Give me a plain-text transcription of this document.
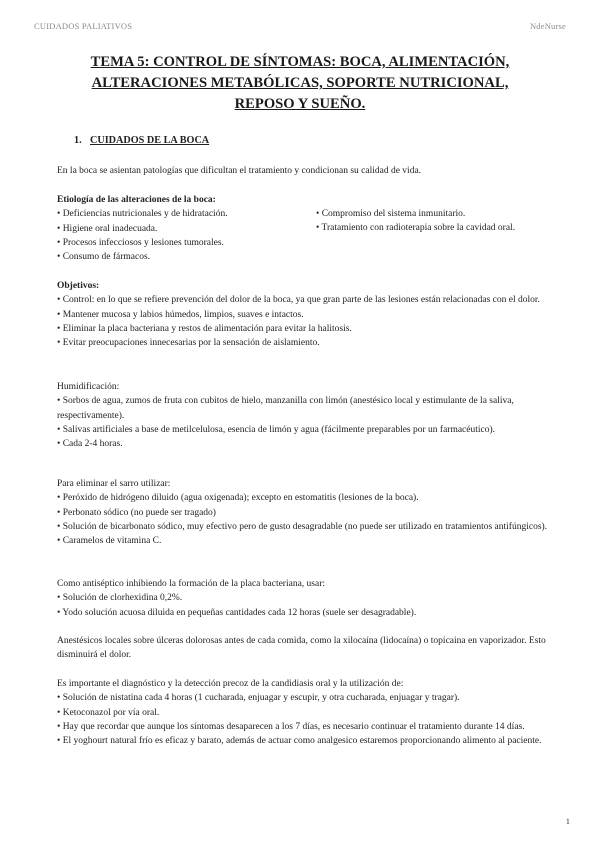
CUIDADOS PALIATIVOS	NdeNurse
TEMA 5: CONTROL DE SÍNTOMAS: BOCA, ALIMENTACIÓN, ALTERACIONES METABÓLICAS, SOPORTE NUTRICIONAL, REPOSO Y SUEÑO.
1. CUIDADOS DE LA BOCA
En la boca se asientan patologías que dificultan el tratamiento y condicionan su calidad de vida.
Etiología de las alteraciones de la boca:
• Deficiencias nutricionales y de hidratación.
• Higiene oral inadecuada.
• Procesos infecciosos y lesiones tumorales.
• Consumo de fármacos.
• Compromiso del sistema inmunitario.
• Tratamiento con radioterapia sobre la cavidad oral.
Objetivos:
• Control: en lo que se refiere prevención del dolor de la boca, ya que gran parte de las lesiones están relacionadas con el dolor.
• Mantener mucosa y labios húmedos, limpios, suaves e intactos.
• Eliminar la placa bacteriana y restos de alimentación para evitar la halitosis.
• Evitar preocupaciones innecesarias por la sensación de aislamiento.
Humidificación:
• Sorbos de agua, zumos de fruta con cubitos de hielo, manzanilla con limón (anestésico local y estimulante de la saliva, respectivamente).
• Salivas artificiales a base de metilcelulosa, esencia de limón y agua (fácilmente preparables por un farmacéutico).
• Cada 2-4 horas.
Para eliminar el sarro utilizar:
• Peróxido de hidrógeno diluido (agua oxigenada); excepto en estomatitis (lesiones de la boca).
• Perbonato sódico (no puede ser tragado)
• Solución de bicarbonato sódico, muy efectivo pero de gusto desagradable (no puede ser utilizado en tratamientos antifúngicos).
• Caramelos de vitamina C.
Como antiséptico inhibiendo la formación de la placa bacteriana, usar:
• Solución de clorhexidina 0,2%.
• Yodo solución acuosa diluida en pequeñas cantidades cada 12 horas (suele ser desagradable).
Anestésicos locales sobre úlceras dolorosas antes de cada comida, como la xilocaína (lidocaína) o topicaina en vaporizador. Esto disminuirá el dolor.
Es importante el diagnóstico y la detección precoz de la candidiasis oral y la utilización de:
• Solución de nistatina cada 4 horas (1 cucharada, enjuagar y escupir, y otra cucharada, enjuagar y tragar).
• Ketoconazol por vía oral.
• Hay que recordar que aunque los síntomas desaparecen a los 7 días, es necesario continuar el tratamiento durante 14 días.
• El yoghourt natural frío es eficaz y barato, además de actuar como analgesico estaremos proporcionando alimento al paciente.
1
